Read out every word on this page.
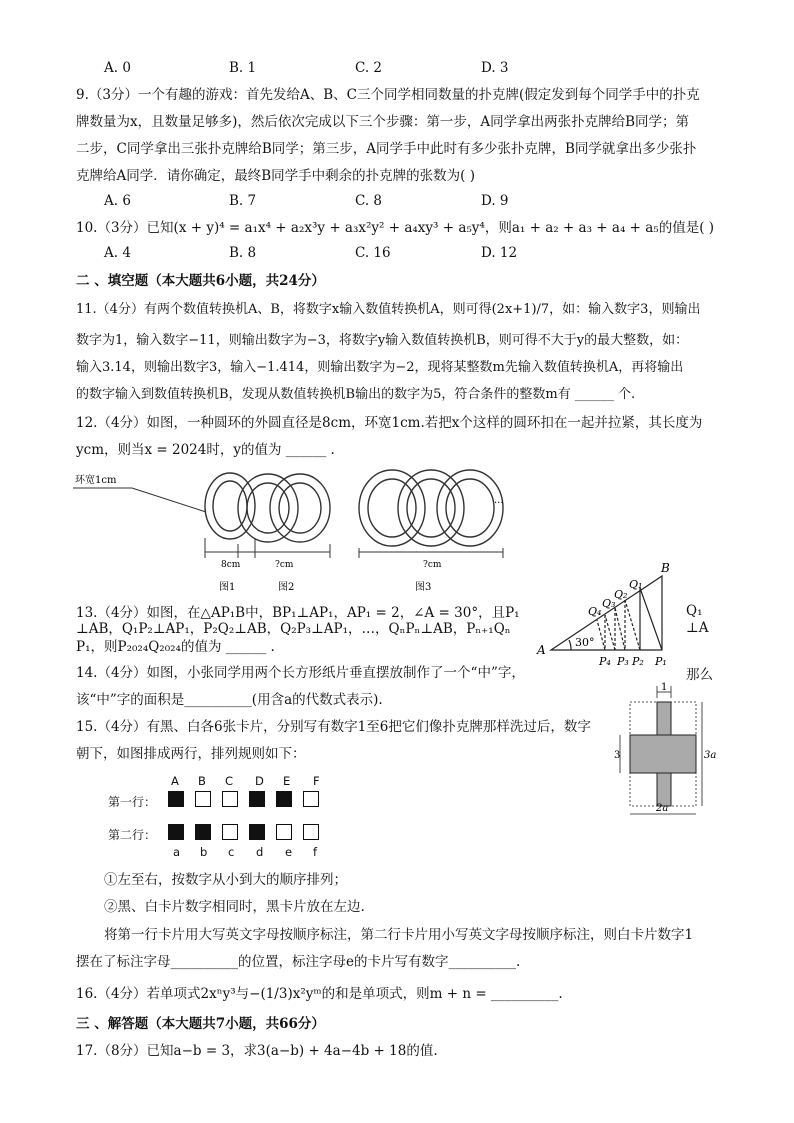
A. 0	B. 1	C. 2	D. 3
9.（3分）一个有趣的游戏：首先发给A、B、C三个同学相同数量的扑克牌(假定发到每个同学手中的扑克
牌数量为x，且数量足够多)，然后依次完成以下三个步骤：第一步，A同学拿出两张扑克牌给B同学；第
二步，C同学拿出三张扑克牌给B同学；第三步，A同学手中此时有多少张扑克牌，B同学就拿出多少张扑
克牌给A同学．请你确定，最终B同学手中剩余的扑克牌的张数为( )
A. 6	B. 7	C. 8	D. 9
10.（3分）已知(x + y)⁴ = a₁x⁴ + a₂x³y + a₃x²y² + a₄xy³ + a₅y⁴，则a₁ + a₂ + a₃ + a₄ + a₅的值是( )
A. 4	B. 8	C. 16	D. 12
二 、填空题（本大题共6小题，共24分）
11.（4分）有两个数值转换机A、B，将数字x输入数值转换机A，则可得(2x+1)/7，如：输入数字3，则输出
数字为1，输入数字−11，则输出数字为−3，将数字y输入数值转换机B，则可得不大于y的最大整数，如：
输入3.14，则输出数字3，输入−1.414，则输出数字为−2，现将某整数m先输入数值转换机A，再将输出
的数字输入到数值转换机B，发现从数值转换机B输出的数字为5，符合条件的整数m有 ______ 个.
12.（4分）如图，一种圆环的外圆直径是8cm，环宽1cm.若把x个这样的圆环扣在一起并拉紧，其长度为
ycm，则当x = 2024时，y的值为 ______ .
环宽1cm
···
8cm	?cm	?cm
图1	图2	图3
13.（4分）如图，在△AP₁B中，BP₁⊥AP₁，AP₁ = 2，∠A = 30°，且P₁
⊥AB，Q₁P₂⊥AP₁，P₂Q₂⊥AB，Q₂P₃⊥AP₁，…，QₙPₙ⊥AB，Pₙ₊₁Qₙ
P₁，则P₂₀₂₄Q₂₀₂₄的值为 ______ .
Q₁
⊥A
A
B
P₁
P₂
P₃
P₄
Q₁
Q₂
Q₃
Q₄
30°
14.（4分）如图，小张同学用两个长方形纸片垂直摆放制作了一个“中”字，
该“中”字的面积是__________(用含a的代数式表示).
那么
1
3	3a
2a
15.（4分）有黑、白各6张卡片，分别写有数字1至6把它们像扑克牌那样洗过后，数字
朝下，如图排成两行，排列规则如下：
A B C D E F
第一行：
第二行：
a b c d e f
①左至右，按数字从小到大的顺序排列；
②黑、白卡片数字相同时，黑卡片放在左边.
将第一行卡片用大写英文字母按顺序标注，第二行卡片用小写英文字母按顺序标注，则白卡片数字1
摆在了标注字母__________的位置，标注字母e的卡片写有数字__________.
16.（4分）若单项式2xⁿy³与−(1/3)x²yᵐ的和是单项式，则m + n = __________.
三 、解答题（本大题共7小题，共66分）
17.（8分）已知a−b = 3，求3(a−b) + 4a−4b + 18的值.
